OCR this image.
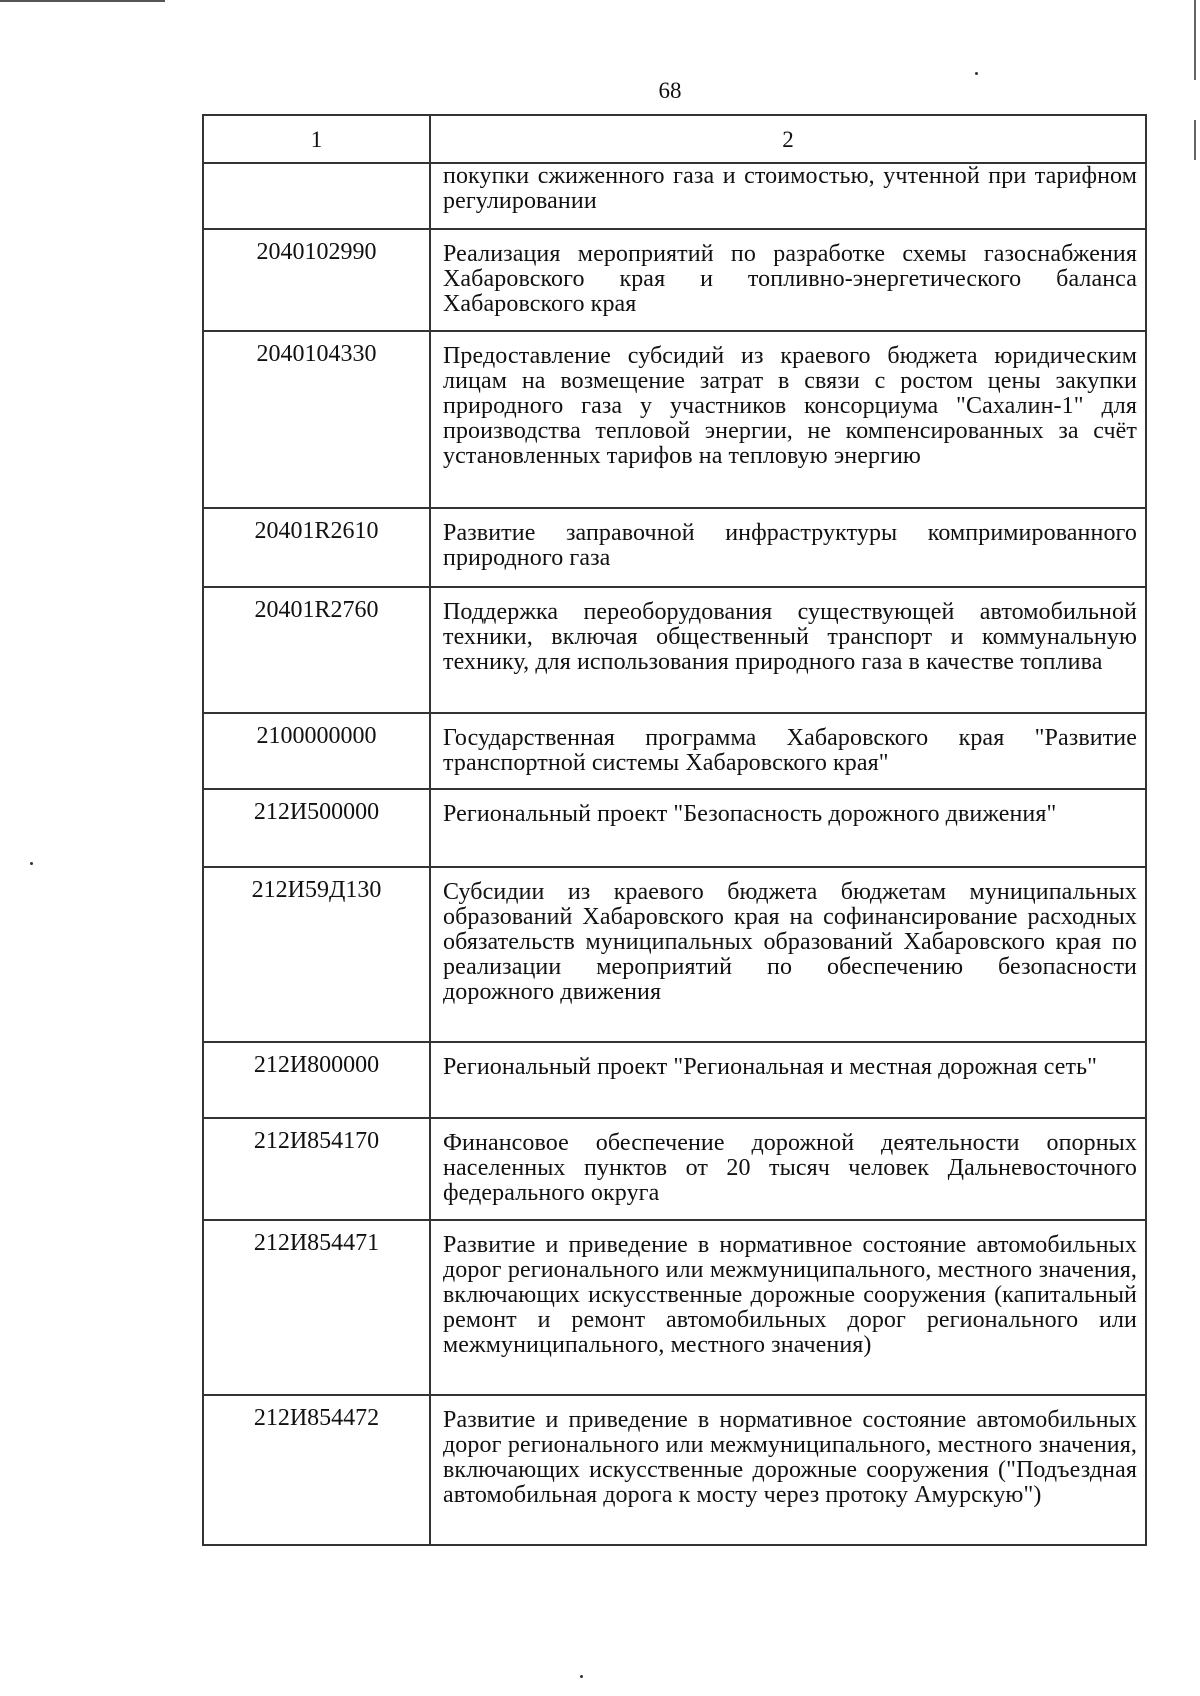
68
1	2
	покупки сжиженного газа и стоимостью, учтенной при тарифном регулировании
2040102990	Реализация мероприятий по разработке схемы газоснабжения Хабаровского края и топливно-энергетического баланса Хабаровского края
2040104330	Предоставление субсидий из краевого бюджета юридическим лицам на возмещение затрат в связи с ростом цены закупки природного газа у участников консорциума "Сахалин-1" для производства тепловой энергии, не компенсированных за счёт установленных тарифов на тепловую энергию
20401R2610	Развитие заправочной инфраструктуры компримированного природного газа
20401R2760	Поддержка переоборудования существующей автомобильной техники, включая общественный транспорт и коммунальную технику, для использования природного газа в качестве топлива
2100000000	Государственная программа Хабаровского края "Развитие транспортной системы Хабаровского края"
212И500000	Региональный проект "Безопасность дорожного движения"
212И59Д130	Субсидии из краевого бюджета бюджетам муниципальных образований Хабаровского края на софинансирование расходных обязательств муниципальных образований Хабаровского края по реализации мероприятий по обеспечению безопасности дорожного движения
212И800000	Региональный проект "Региональная и местная дорожная сеть"
212И854170	Финансовое обеспечение дорожной деятельности опорных населенных пунктов от 20 тысяч человек Дальневосточного федерального округа
212И854471	Развитие и приведение в нормативное состояние автомобильных дорог регионального или межмуниципального, местного значения, включающих искусственные дорожные сооружения (капитальный ремонт и ремонт автомобильных дорог регионального или межмуниципального, местного значения)
212И854472	Развитие и приведение в нормативное состояние автомобильных дорог регионального или межмуниципального, местного значения, включающих искусственные дорожные сооружения ("Подъездная автомобильная дорога к мосту через протоку Амурскую")
